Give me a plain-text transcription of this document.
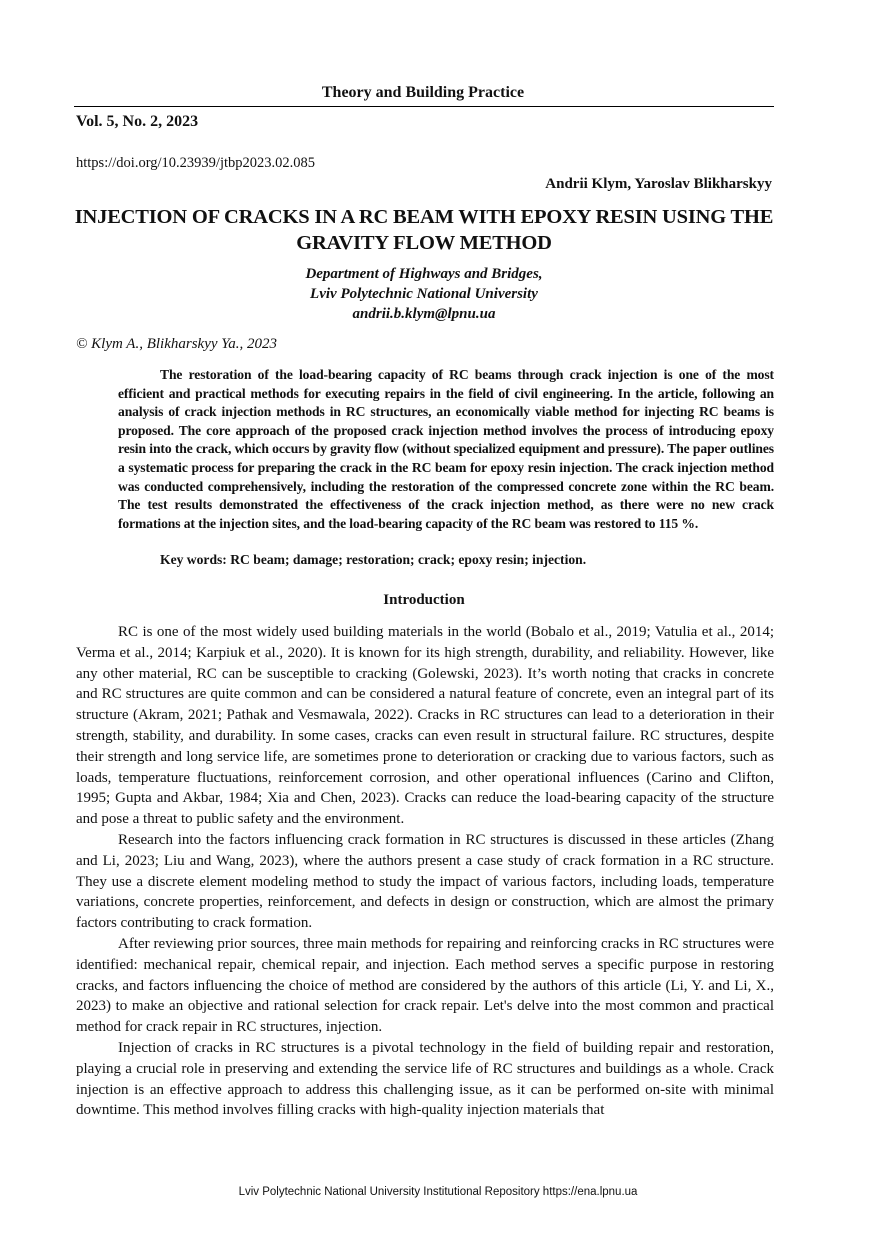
Theory and Building Practice
Vol. 5, No. 2, 2023
https://doi.org/10.23939/jtbp2023.02.085
Andrii Klym, Yaroslav Blikharskyy
INJECTION OF CRACKS IN A RC BEAM WITH EPOXY RESIN USING THE GRAVITY FLOW METHOD
Department of Highways and Bridges,
Lviv Polytechnic National University
andrii.b.klym@lpnu.ua
© Klym A., Blikharskyy Ya., 2023
The restoration of the load-bearing capacity of RC beams through crack injection is one of the most efficient and practical methods for executing repairs in the field of civil engineering. In the article, following an analysis of crack injection methods in RC structures, an economically viable method for injecting RC beams is proposed. The core approach of the proposed crack injection method involves the process of introducing epoxy resin into the crack, which occurs by gravity flow (without specialized equipment and pressure). The paper outlines a systematic process for preparing the crack in the RC beam for epoxy resin injection. The crack injection method was conducted comprehensively, including the restoration of the compressed concrete zone within the RC beam. The test results demonstrated the effectiveness of the crack injection method, as there were no new crack formations at the injection sites, and the load-bearing capacity of the RC beam was restored to 115 %.
Key words: RC beam; damage; restoration; crack; epoxy resin; injection.
Introduction

RC is one of the most widely used building materials in the world (Bobalo et al., 2019; Vatulia et al., 2014; Verma et al., 2014; Karpiuk et al., 2020). It is known for its high strength, durability, and reliability. However, like any other material, RC can be susceptible to cracking (Golewski, 2023). It’s worth noting that cracks in concrete and RC structures are quite common and can be considered a natural feature of concrete, even an integral part of its structure (Akram, 2021; Pathak and Vesmawala, 2022). Cracks in RC structures can lead to a deterioration in their strength, stability, and durability. In some cases, cracks can even result in structural failure. RC structures, despite their strength and long service life, are sometimes prone to deterioration or cracking due to various factors, such as loads, temperature fluctuations, reinforcement corrosion, and other operational influences (Carino and Clifton, 1995; Gupta and Akbar, 1984; Xia and Chen, 2023). Cracks can reduce the load-bearing capacity of the structure and pose a threat to public safety and the environment.

Research into the factors influencing crack formation in RC structures is discussed in these articles (Zhang and Li, 2023; Liu and Wang, 2023), where the authors present a case study of crack formation in a RC structure. They use a discrete element modeling method to study the impact of various factors, including loads, temperature variations, concrete properties, reinforcement, and defects in design or construction, which are almost the primary factors contributing to crack formation.

After reviewing prior sources, three main methods for repairing and reinforcing cracks in RC structures were identified: mechanical repair, chemical repair, and injection. Each method serves a specific purpose in restoring cracks, and factors influencing the choice of method are considered by the authors of this article (Li, Y. and Li, X., 2023) to make an objective and rational selection for crack repair. Let's delve into the most common and practical method for crack repair in RC structures, injection.

Injection of cracks in RC structures is a pivotal technology in the field of building repair and restoration, playing a crucial role in preserving and extending the service life of RC structures and buildings as a whole. Crack injection is an effective approach to address this challenging issue, as it can be performed on-site with minimal downtime. This method involves filling cracks with high-quality injection materials that

Lviv Polytechnic National University Institutional Repository https://ena.lpnu.ua
